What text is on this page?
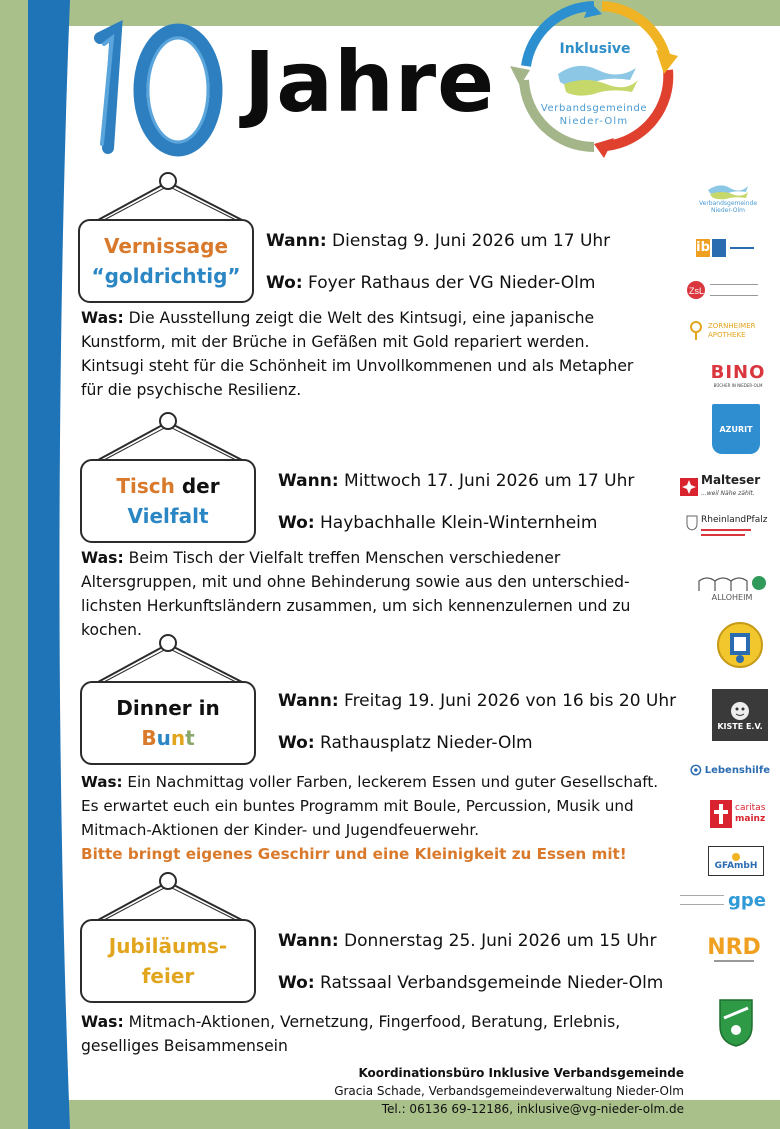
Jahre	Inklusive
Verbandsgemeinde
Nieder-Olm
Vernissage
“goldrichtig”
Wann: Dienstag 9. Juni 2026 um 17 Uhr
Wo: Foyer Rathaus der VG Nieder-Olm
Was: Die Ausstellung zeigt die Welt des Kintsugi, eine japanische
Kunstform, mit der Brüche in Gefäßen mit Gold repariert werden.
Kintsugi steht für die Schönheit im Unvollkommenen und als Metapher
für die psychische Resilienz.
Tisch der
Vielfalt
Wann: Mittwoch 17. Juni 2026 um 17 Uhr
Wo: Haybachhalle Klein-Winternheim
Was: Beim Tisch der Vielfalt treffen Menschen verschiedener
Altersgruppen, mit und ohne Behinderung sowie aus den unterschied-
lichsten Herkunftsländern zusammen, um sich kennenzulernen und zu
kochen.
Dinner in
Bunt
Wann: Freitag 19. Juni 2026 von 16 bis 20 Uhr
Wo: Rathausplatz Nieder-Olm
Was: Ein Nachmittag voller Farben, leckerem Essen und guter Gesellschaft.
Es erwartet euch ein buntes Programm mit Boule, Percussion, Musik und
Mitmach-Aktionen der Kinder- und Jugendfeuerwehr.
Bitte bringt eigenes Geschirr und eine Kleinigkeit zu Essen mit!
Jubiläums-
feier
Wann: Donnerstag 25. Juni 2026 um 15 Uhr
Wo: Ratssaal Verbandsgemeinde Nieder-Olm
Was: Mitmach-Aktionen, Vernetzung, Fingerfood, Beratung, Erlebnis,
geselliges Beisammensein
Koordinationsbüro Inklusive Verbandsgemeinde
Gracia Schade, Verbandsgemeindeverwaltung Nieder-Olm
Tel.: 06136 69-12186, inklusive@vg-nieder-olm.de
Verbandsgemeinde
Nieder-Olm
ib
ZsL
ZORNHEIMER
APOTHEKE
BINO
BÜCHER IN NIEDER-OLM
AZURIT
Malteser
...weil Nähe zählt.
RheinlandPfalz
ALLOHEIM
KISTE E.V.
Lebenshilfe
caritas
mainz
GFAmbH
gpe
NRD
